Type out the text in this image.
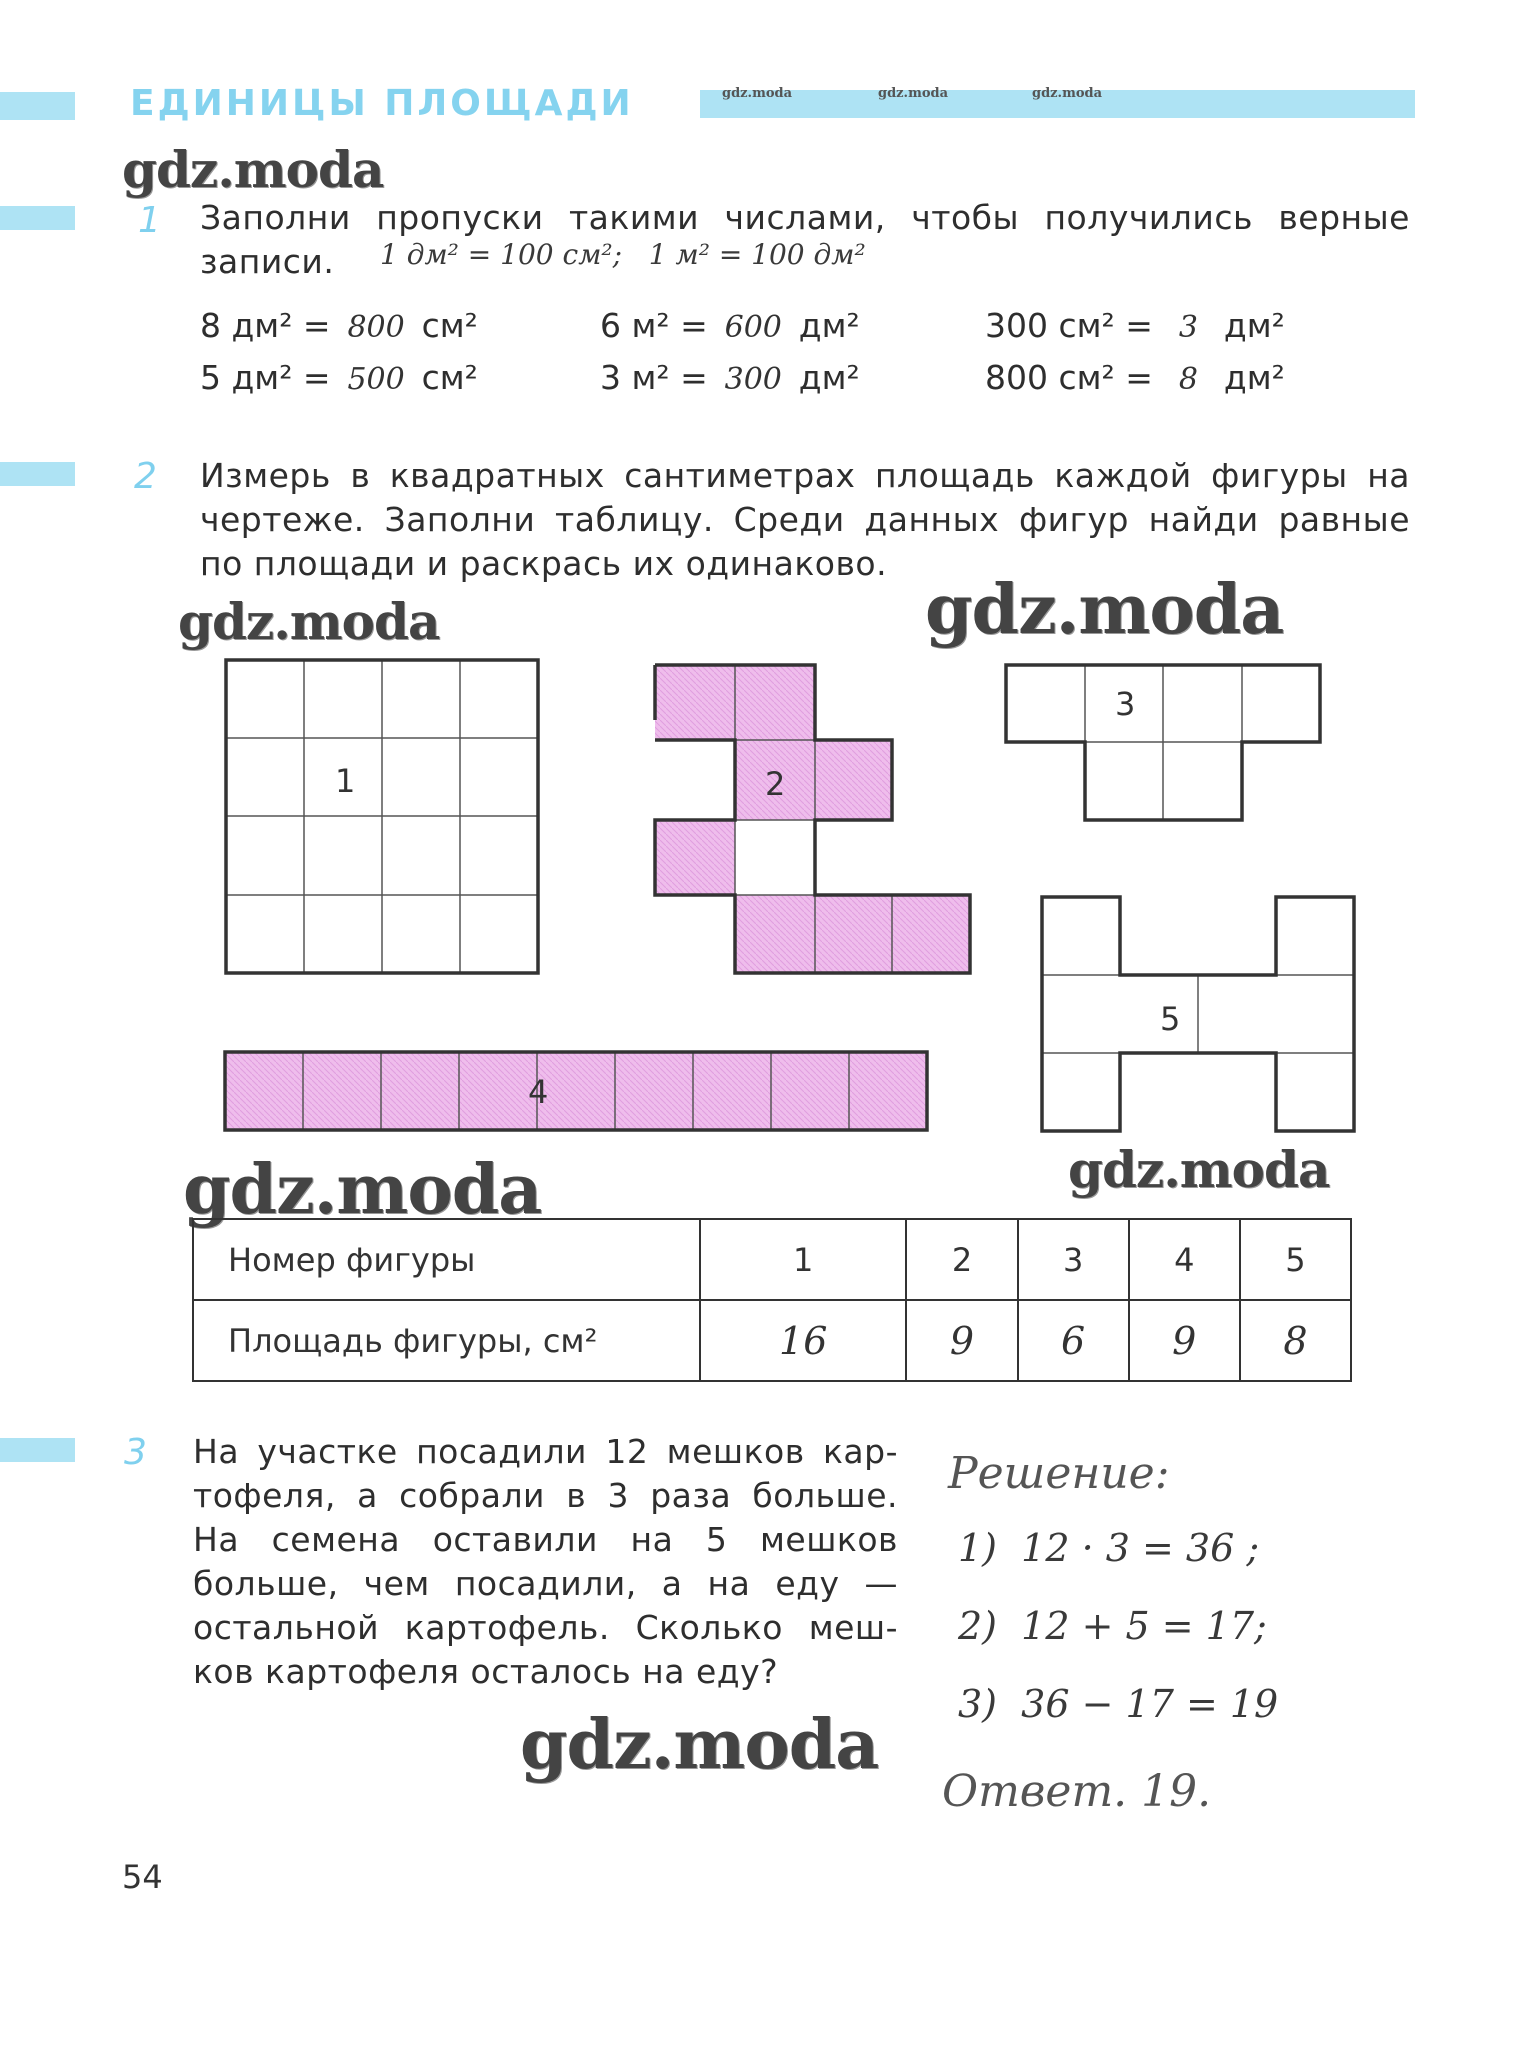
ЕДИНИЦЫ ПЛОЩАДИ	gdz.moda	gdz.moda	gdz.moda
gdz.moda
gdz.moda	gdz.moda
gdz.moda	gdz.moda
gdz.moda
1 Заполни пропуски такими числами, чтобы получились верные
записи. 1 дм² = 100 см²;   1 м² = 100 дм²
8 дм² = 800 см²
5 дм² = 500 см²
6 м² = 600 дм²
3 м² = 300 дм²
300 см² = 3 дм²
800 см² = 8 дм²
2 Измерь в квадратных сантиметрах площадь каждой фигуры на
чертеже. Заполни таблицу. Среди данных фигур найди равные
по площади и раскрась их одинаково.
1	2
3
4
5
Номер фигуры	1	2	3	4	5
Площадь фигуры, см²	16	9	6	9	8
3 На участке посадили 12 мешков кар-
тофеля, а собрали в 3 раза больше.
На семена оставили на 5 мешков
больше, чем посадили, а на еду —
остальной картофель. Сколько меш-
ков картофеля осталось на еду?
Решение:
1)  12 · 3 = 36 ;
2)  12 + 5 = 17;
3)  36 − 17 = 19
Ответ. 19.
54
